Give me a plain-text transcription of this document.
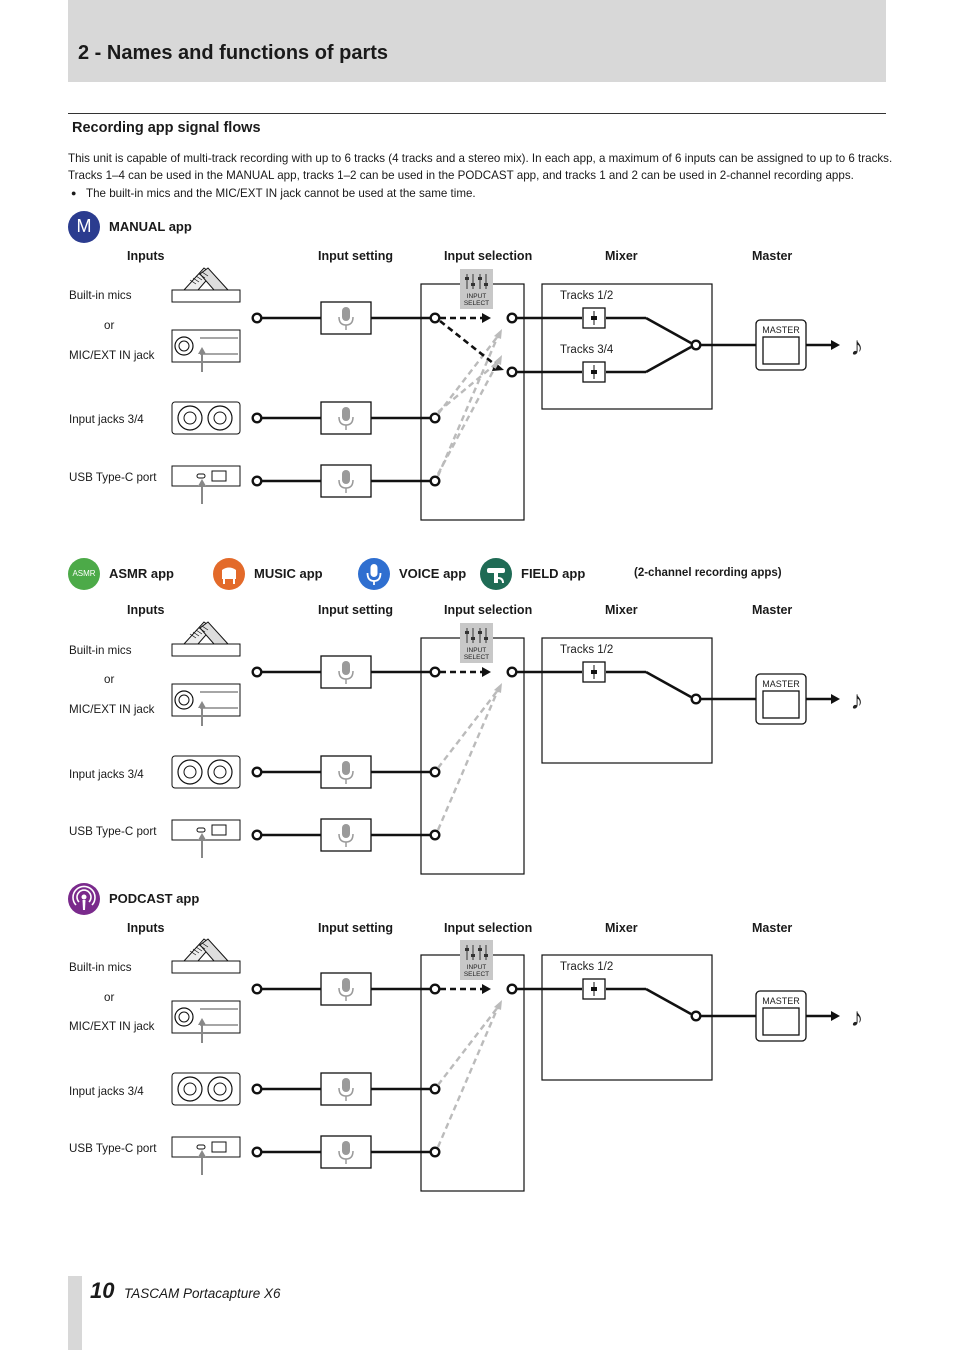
2 - Names and functions of parts
Recording app signal flows

This unit is capable of multi-track recording with up to 6 tracks (4 tracks and a stereo mix). In each app, a maximum of 6 inputs can be assigned to up to 6 tracks.

Tracks 1–4 can be used in the MANUAL app, tracks 1–2 can be used in the PODCAST app, and tracks 1 and 2 can be used in 2-channel recording apps.

● The built-in mics and the MIC/EXT IN jack cannot be used at the same time.

M	MANUAL app
ASMR	ASMR app	MUSIC app	VOICE app	FIELD app	(2-channel recording apps)
PODCAST app
Inputs	Input setting	Input selection	Mixer	Master
Inputs	Input setting	Input selection	Mixer	Master
Inputs	Input setting	Input selection	Mixer	Master
Built-in mics
or
MIC/EXT IN jack
Input jacks 3/4
USB Type-C port
Built-in mics
or
MIC/EXT IN jack
Input jacks 3/4
USB Type-C port
Built-in mics
or
MIC/EXT IN jack
Input jacks 3/4
USB Type-C port
INPUT
SELECT
Tracks 1/2
MASTER
♪
Tracks 3/4
INPUT
SELECT
Tracks 1/2
MASTER
♪
INPUT
SELECT
Tracks 1/2
MASTER
♪
10 TASCAM Portacapture X6
